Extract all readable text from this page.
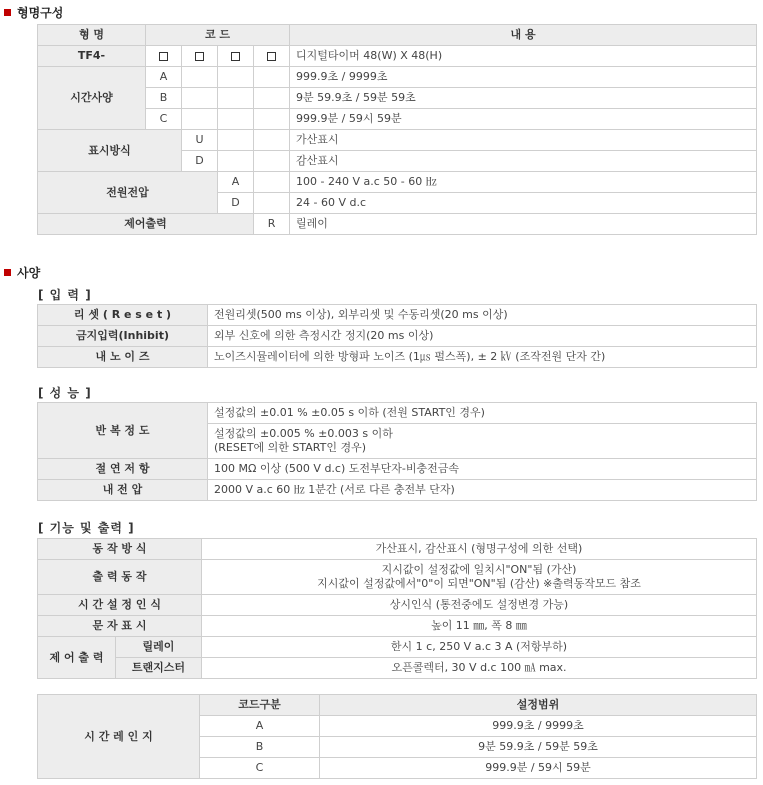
형명구성
형 명	코 드				내 용
TF4-					디지털타이머 48(W) X 48(H)
시간사양	A				999.9초 / 9999초
	B				9분 59.9초 / 59분 59초
	C				999.9분 / 59시 59분
표시방식		U			가산표시
		D			감산표시
전원전압			A		100 - 240 V a.c 50 - 60 ㎐
			D		24 - 60 V d.c
제어출력				R	릴레이
사양
[ 입 력 ]
리 셋 ( R e s e t )	전원리셋(500 ms 이상), 외부리셋 및 수동리셋(20 ms 이상)
금지입력(Inhibit)	외부 신호에 의한 측정시간 정지(20 ms 이상)
내 노 이 즈	노이즈시뮬레이터에 의한 방형파 노이즈 (1㎲ 펄스폭), ± 2 ㎸ (조작전원 단자 간)
[ 성 능 ]
반 복 정 도	설정값의 ±0.01 % ±0.05 s 이하 (전원 START인 경우)

	설정값의 ±0.005 % ±0.003 s 이하
(RESET에 의한 START인 경우)

절 연 저 항	100 MΩ 이상 (500 V d.c) 도전부단자-비충전금속
내 전 압	2000 V a.c 60 ㎐ 1분간 (서로 다른 충전부 단자)
[ 기능 및 출력 ]
동 작 방 식		가산표시, 감산표시 (형명구성에 의한 선택)
출 력 동 작		지시값이 설정값에 일치시"ON"됨 (가산)
지시값이 설정값에서"0"이 되면"ON"됨 (감산) ※출력동작모드 참조

시 간 설 정 인 식		상시인식 (통전중에도 설정변경 가능)
문 자 표 시		높이 11 ㎜, 폭 8 ㎜
제 어 출 력	릴레이	한시 1 c, 250 V a.c 3 A (저항부하)
	트랜지스터	오픈콜렉터, 30 V d.c 100 ㎃ max.
시 간 레 인 지	코드구분	설정범위
	A	999.9초 / 9999초
	B	9분 59.9초 / 59분 59초
	C	999.9분 / 59시 59분
